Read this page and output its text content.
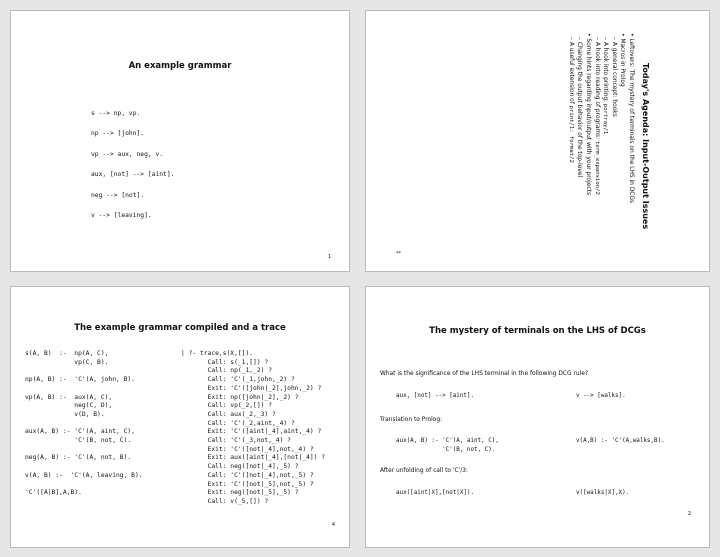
An example grammar
s --> np, vp.
np --> [john].
vp --> aux, neg, v.
aux, [not] --> [aint].
neg --> [not].
v --> [leaving].
1
Today's Agenda: Input-Output Issues
• Leftovers: The mystery of terminals on the LHS in DCGs
• Macros in Prolog
– A general concept: hooks
– A hook into printing: portray/1
– A hook into reading of programs: term_expansion/2
• Some hints regarding input/output with your projects
– Changing the output behavior of the top-level
– A useful extension of print/1: format/2
**
The example grammar compiled and a trace
s(A, B)  :-  np(A, C),
vp(C, B).

np(A, B) :-  'C'(A, john, B).

vp(A, B) :-  aux(A, C),
neg(C, D),
v(D, B).

aux(A, B) :- 'C'(A, aint, C),
'C'(B, not, C).

neg(A, B) :- 'C'(A, not, B).

v(A, B) :-  'C'(A, leaving, B).

'C'([A|B],A,B).
| ?- trace,s(X,[]).
Call: s(_1,[]) ?
Call: np(_1,_2) ?
Call: 'C'(_1,john,_2) ?
Exit: 'C'([john|_2],john,_2) ?
Exit: np([john|_2],_2) ?
Call: vp(_2,[]) ?
Call: aux(_2,_3) ?
Call: 'C'(_2,aint,_4) ?
Exit: 'C'([aint|_4],aint,_4) ?
Call: 'C'(_3,not,_4) ?
Exit: 'C'([not|_4],not,_4) ?
Exit: aux([aint|_4],[not|_4]) ?
Call: neg([not|_4],_5) ?
Call: 'C'([not|_4],not,_5) ?
Exit: 'C'([not|_5],not,_5) ?
Exit: neg([not|_5],_5) ?
Call: v(_5,[]) ?
4
The mystery of terminals on the LHS of DCGs
What is the significance of the LHS terminal in the following DCG rule?
aux, [not] --> [aint].	v --> [walks].
Translation to Prolog:
aux(A, B) :- 'C'(A, aint, C),
'C'(B, not, C).
v(A,B) :- 'C'(A,walks,B).
After unfolding of call to 'C'/3:
aux([aint|X],[not|X]).	v([walks|X],X).
2
